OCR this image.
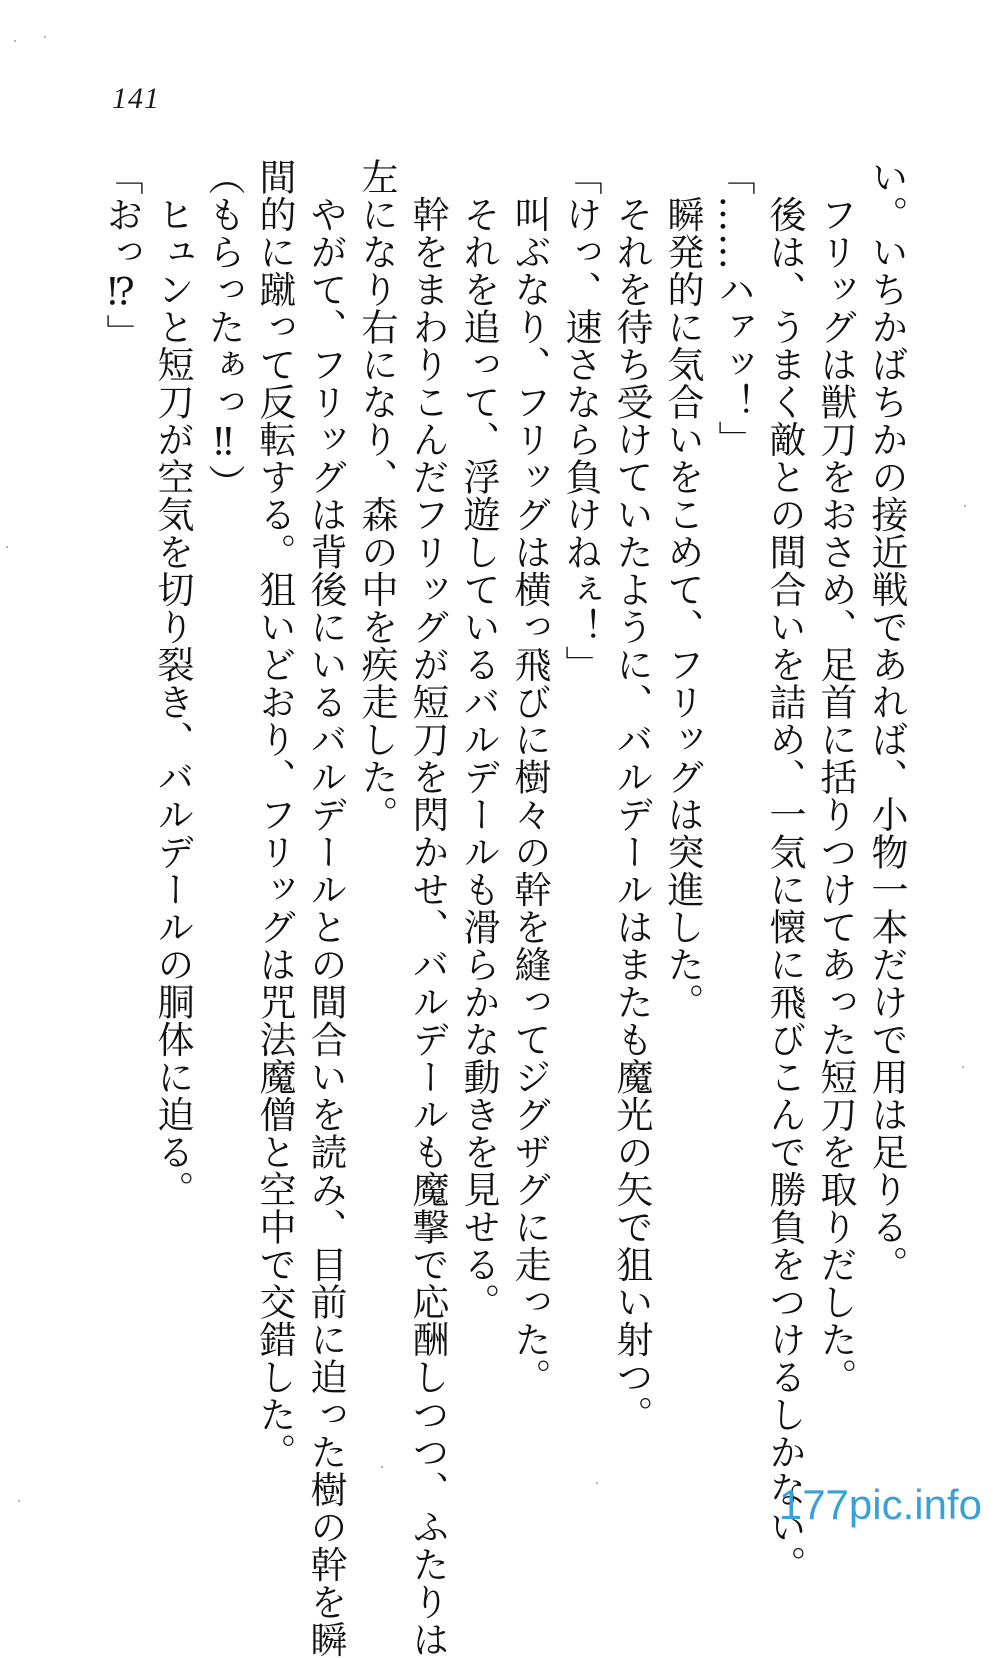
141
い。いちかばちかの接近戦であれば、小物一本だけで用は足りる。
　フリッグは獣刀をおさめ、足首に括りつけてあった短刀を取りだした。
　後は、うまく敵との間合いを詰め、一気に懐に飛びこんで勝負をつけるしかない。
「……ハァッ！」
　瞬発的に気合いをこめて、フリッグは突進した。
　それを待ち受けていたように、バルデールはまたも魔光の矢で狙い射つ。
「けっ、速さなら負けねぇ！」
　叫ぶなり、フリッグは横っ飛びに樹々の幹を縫ってジグザグに走った。
　それを追って、浮遊しているバルデールも滑らかな動きを見せる。
　幹をまわりこんだフリッグが短刀を閃かせ、バルデールも魔撃で応酬しつつ、ふたりは
左になり右になり、森の中を疾走した。
　やがて、フリッグは背後にいるバルデールとの間合いを読み、目前に迫った樹の幹を瞬
間的に蹴って反転する。狙いどおり、フリッグは咒法魔僧と空中で交錯した。
（もらったぁっ‼）
　ヒュンと短刀が空気を切り裂き、バルデールの胴体に迫る。
「おっ⁉」
177pic.info
